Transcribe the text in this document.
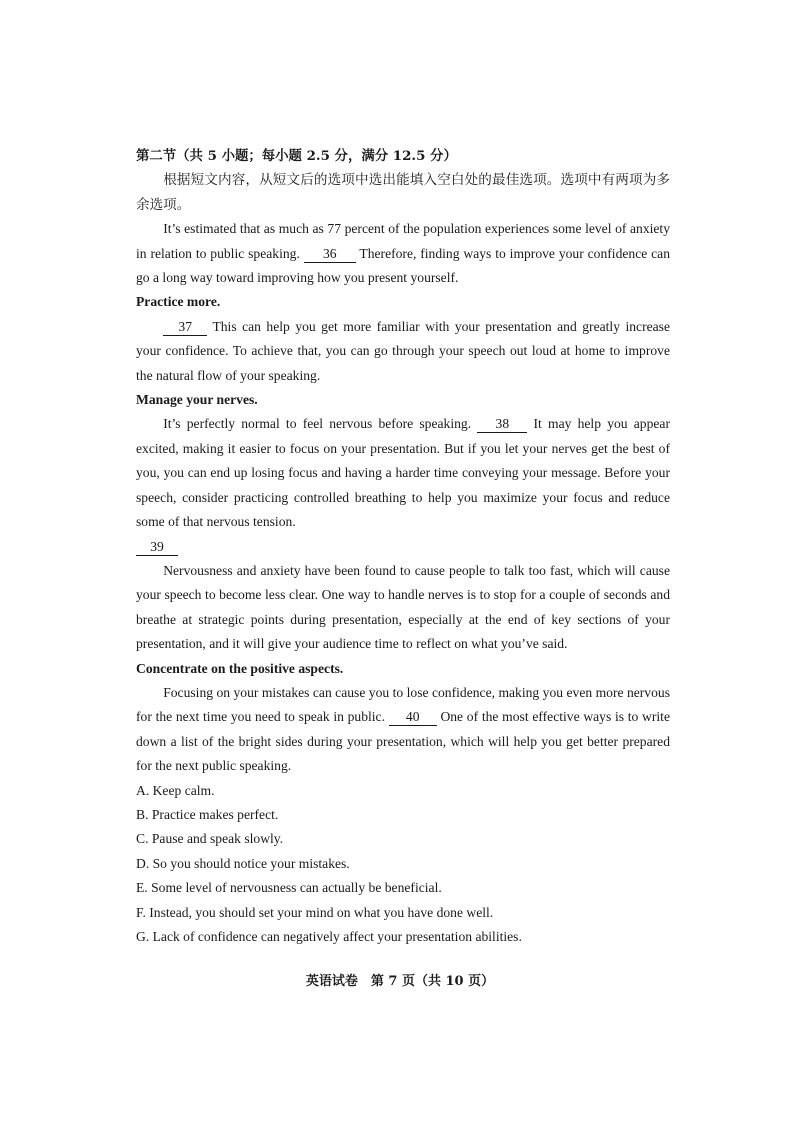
第二节（共 5 小题；每小题 2.5 分，满分 12.5 分）

根据短文内容，从短文后的选项中选出能填入空白处的最佳选项。选项中有两项为多余选项。

It’s estimated that as much as 77 percent of the population experiences some level of anxiety in relation to public speaking. 36 Therefore, finding ways to improve your confidence can go a long way toward improving how you present yourself.

Practice more.

37 This can help you get more familiar with your presentation and greatly increase your confidence. To achieve that, you can go through your speech out loud at home to improve the natural flow of your speaking.

Manage your nerves.

It’s perfectly normal to feel nervous before speaking. 38 It may help you appear excited, making it easier to focus on your presentation. But if you let your nerves get the best of you, you can end up losing focus and having a harder time conveying your message. Before your speech, consider practicing controlled breathing to help you maximize your focus and reduce some of that nervous tension.

39

Nervousness and anxiety have been found to cause people to talk too fast, which will cause your speech to become less clear. One way to handle nerves is to stop for a couple of seconds and breathe at strategic points during presentation, especially at the end of key sections of your presentation, and it will give your audience time to reflect on what you’ve said.

Concentrate on the positive aspects.

Focusing on your mistakes can cause you to lose confidence, making you even more nervous for the next time you need to speak in public. 40 One of the most effective ways is to write down a list of the bright sides during your presentation, which will help you get better prepared for the next public speaking.

A. Keep calm.

B. Practice makes perfect.

C. Pause and speak slowly.

D. So you should notice your mistakes.

E. Some level of nervousness can actually be beneficial.

F. Instead, you should set your mind on what you have done well.

G. Lack of confidence can negatively affect your presentation abilities.

英语试卷　第 7 页（共 10 页）
